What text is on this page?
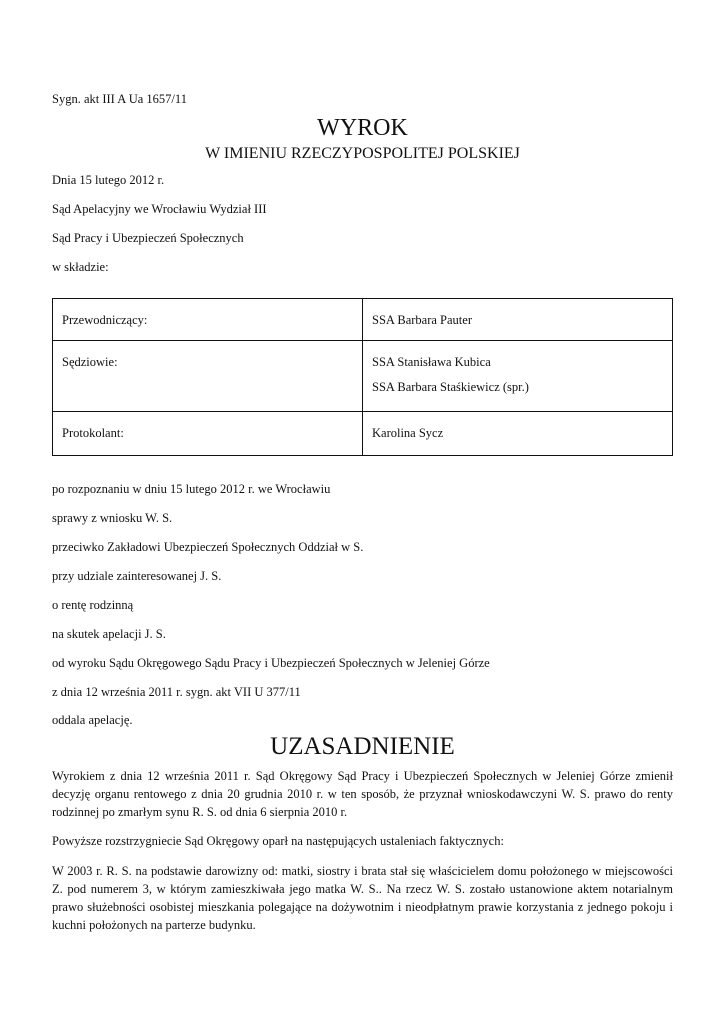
Sygn. akt III A Ua 1657/11
WYROK
W IMIENIU RZECZYPOSPOLITEJ POLSKIEJ
Dnia 15 lutego 2012 r.
Sąd Apelacyjny we Wrocławiu Wydział III
Sąd Pracy i Ubezpieczeń Społecznych
w składzie:
Przewodniczący:	SSA Barbara Pauter

Sędziowie:	SSA Stanisława Kubica
SSA Barbara Staśkiewicz (spr.)

Protokolant:	Karolina Sycz
po rozpoznaniu w dniu 15 lutego 2012 r. we Wrocławiu
sprawy z wniosku W. S.
przeciwko Zakładowi Ubezpieczeń Społecznych Oddział w S.
przy udziale zainteresowanej J. S.
o rentę rodzinną
na skutek apelacji J. S.
od wyroku Sądu Okręgowego Sądu Pracy i Ubezpieczeń Społecznych w Jeleniej Górze
z dnia 12 września 2011 r. sygn. akt VII U 377/11
oddala apelację.
UZASADNIENIE
Wyrokiem z dnia 12 września 2011 r. Sąd Okręgowy Sąd Pracy i Ubezpieczeń Społecznych w Jeleniej Górze zmienił decyzję organu rentowego z dnia 20 grudnia 2010 r. w ten sposób, że przyznał wnioskodawczyni W. S. prawo do renty rodzinnej po zmarłym synu R. S. od dnia 6 sierpnia 2010 r.
Powyższe rozstrzygniecie Sąd Okręgowy oparł na następujących ustaleniach faktycznych:
W 2003 r. R. S. na podstawie darowizny od: matki, siostry i brata stał się właścicielem domu położonego w miejscowości Z. pod numerem 3, w którym zamieszkiwała jego matka W. S.. Na rzecz W. S. zostało ustanowione aktem notarialnym prawo służebności osobistej mieszkania polegające na dożywotnim i nieodpłatnym prawie korzystania z jednego pokoju i kuchni położonych na parterze budynku.
